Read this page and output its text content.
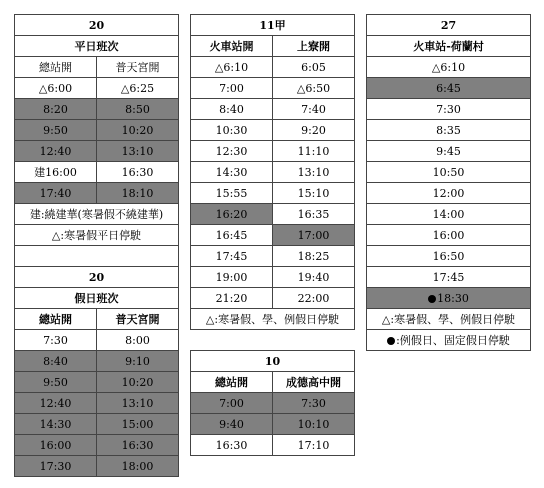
20	
平日班次	
總站開	普天宮開
△6:00	△6:25
8:20	8:50
9:50	10:20
12:40	13:10
建16:00	16:30
17:40	18:10
建:繞建華(寒暑假不繞建華)	
△:寒暑假平日停駛	

20	
假日班次	
總站開	普天宮開
7:30	8:00
8:40	9:10
9:50	10:20
12:40	13:10
14:30	15:00
16:00	16:30
17:30	18:00
11甲	
火車站開	上寮開
△6:10	6:05
7:00	△6:50
8:40	7:40
10:30	9:20
12:30	11:10
14:30	13:10
15:55	15:10
16:20	16:35
16:45	17:00
17:45	18:25
19:00	19:40
21:20	22:00
△:寒暑假、學、例假日停駛	
10	
總站開	成德高中開
7:00	7:30
9:40	10:10
16:30	17:10
27
火車站-荷蘭村
△6:10
6:45
7:30
8:35
9:45
10:50
12:00
14:00
16:00
16:50
17:45
18:30
△:寒暑假、學、例假日停駛
:例假日、固定假日停駛
